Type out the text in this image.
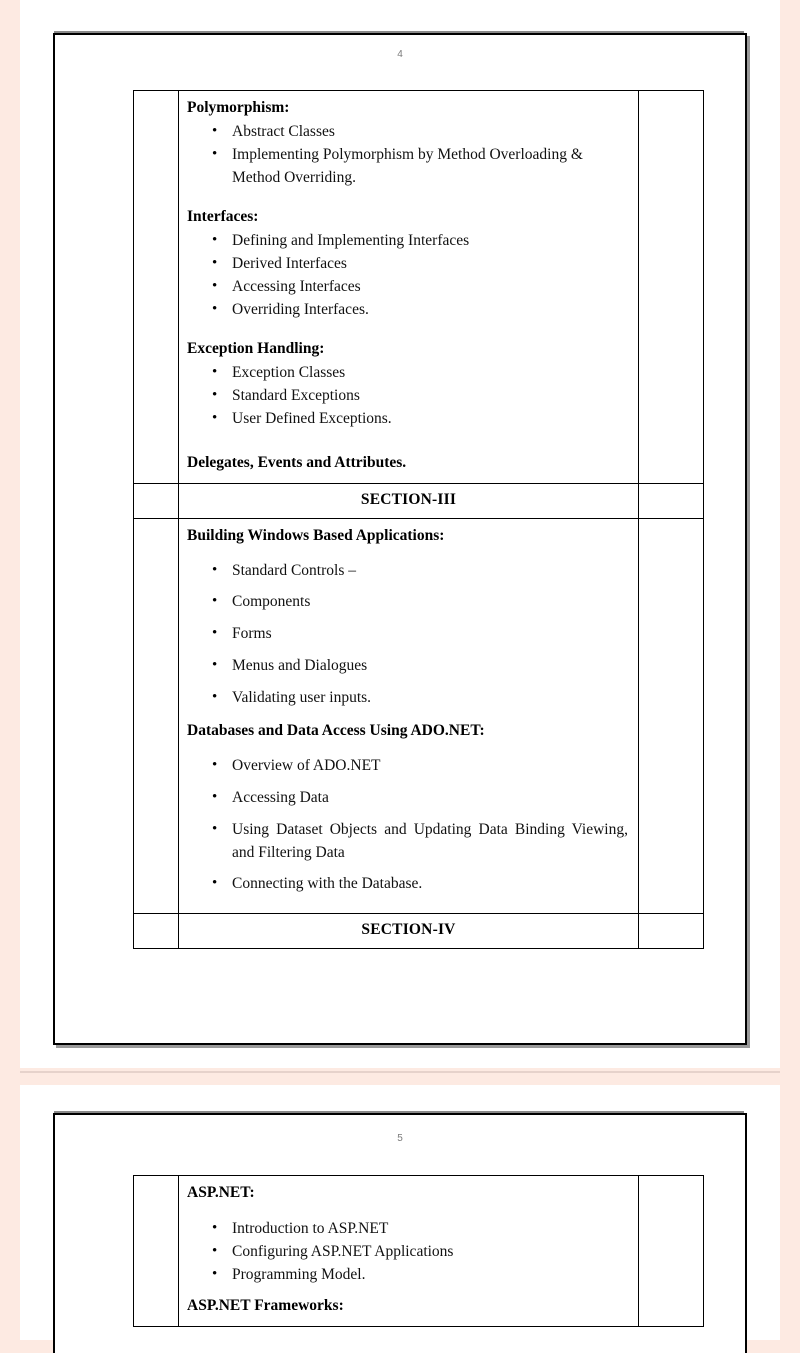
4

Polymorphism:
• Abstract Classes
• Implementing Polymorphism by Method Overloading & Method Overriding.
Interfaces:
• Defining and Implementing Interfaces
• Derived Interfaces
• Accessing Interfaces
• Overriding Interfaces.
Exception Handling:
• Exception Classes
• Standard Exceptions
• User Defined Exceptions.
Delegates, Events and Attributes.

	SECTION-III	

Building Windows Based Applications:
• Standard Controls –
• Components
• Forms
• Menus and Dialogues
• Validating user inputs.
Databases and Data Access Using ADO.NET:
• Overview of ADO.NET
• Accessing Data
• Using Dataset Objects and Updating Data Binding Viewing, and Filtering Data
• Connecting with the Database.

	SECTION-IV	

5

ASP.NET:
• Introduction to ASP.NET
• Configuring ASP.NET Applications
• Programming Model.
ASP.NET Frameworks:
